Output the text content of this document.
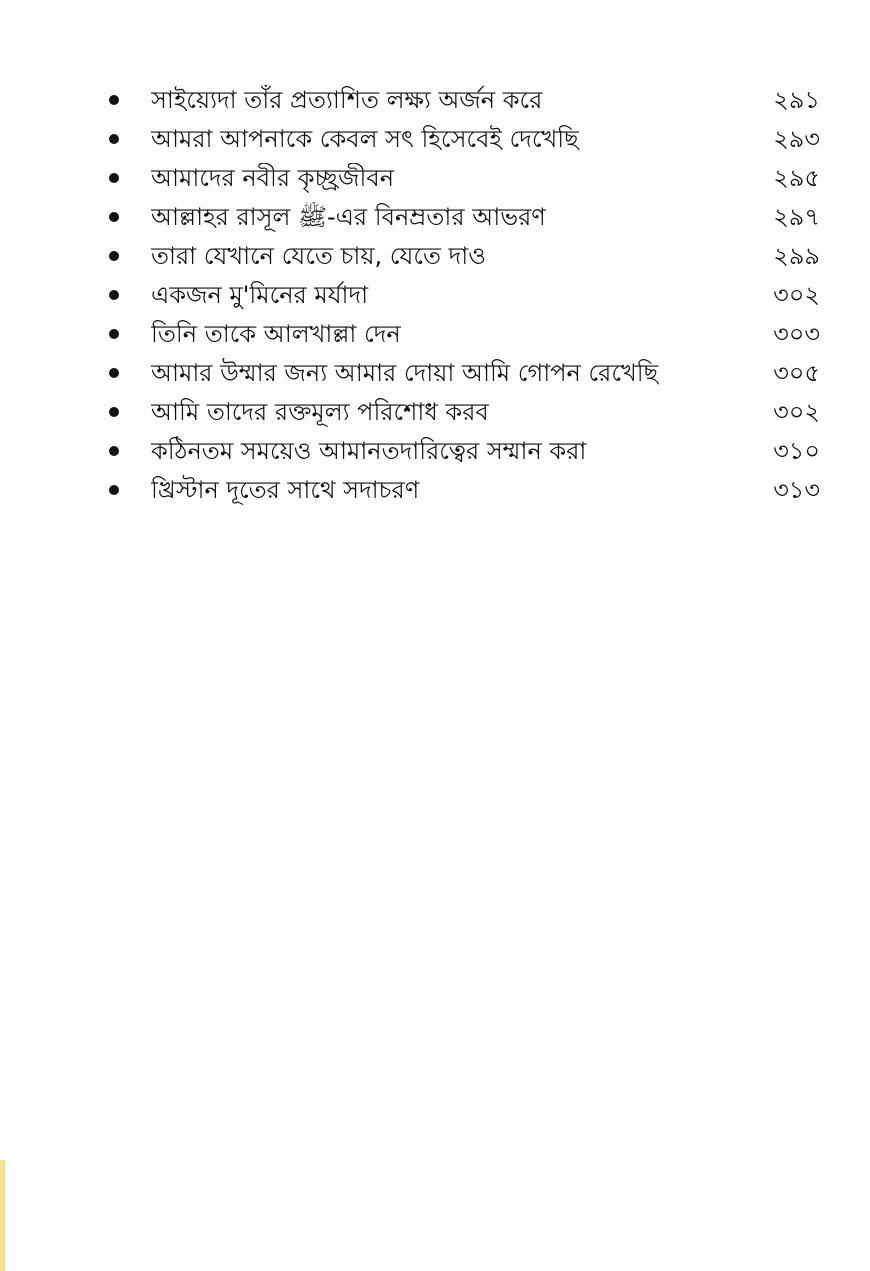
সাইয়্যেদা তাঁর প্রত্যাশিত লক্ষ্য অর্জন করে	২৯১
আমরা আপনাকে কেবল সৎ হিসেবেই দেখেছি	২৯৩
আমাদের নবীর কৃচ্ছ্রজীবন	২৯৫
আল্লাহর রাসূল ﷺ-এর বিনম্রতার আভরণ	২৯৭
তারা যেখানে যেতে চায়, যেতে দাও	২৯৯
একজন মু'মিনের মর্যাদা	৩০২
তিনি তাকে আলখাল্লা দেন	৩০৩
আমার উম্মার জন্য আমার দোয়া আমি গোপন রেখেছি	৩০৫
আমি তাদের রক্তমূল্য পরিশোধ করব	৩০২
কঠিনতম সময়েও আমানতদারিত্বের সম্মান করা	৩১০
খ্রিস্টান দূতের সাথে সদাচরণ	৩১৩
